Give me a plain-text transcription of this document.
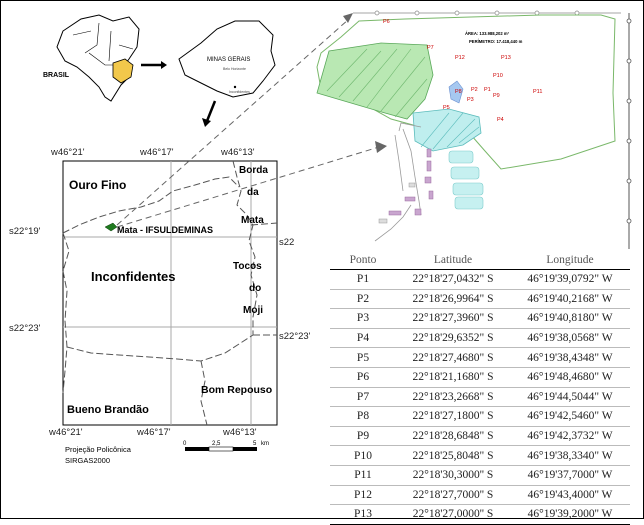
BRASIL
MINAS GERAIS
Belo Horizonte
Inconfidentes
Ouro Fino
Borda
da
Mata
Mata - IFSULDEMINAS
Inconfidentes
Tocos
do
Moji
Bom Repouso
Bueno Brandão
w46°21'	w46°17'	w46°13'
w46°21'	w46°17'	w46°13'
s22°19'
s22°23'
s22
s22°23'
Projeção Policônica
SIRGAS2000
0	2,5	5 km
ÁREA: 133.988,202 m²
PERÍMETRO: 17.418,440 m
P6
P7
P12	P13
P10
P8 P2 P1
P3
P9
P5
P11
P4
Ponto	Latitude	Longitude
P1	22°18'27,0432" S	46°19'39,0792" W
P2	22°18'26,9964" S	46°19'40,2168" W
P3	22°18'27,3960" S	46°19'40,8180" W
P4	22°18'29,6352" S	46°19'38,0568" W
P5	22°18'27,4680" S	46°19'38,4348" W
P6	22°18'21,1680" S	46°19'48,4680" W
P7	22°18'23,2668" S	46°19'44,5044" W
P8	22°18'27,1800" S	46°19'42,5460" W
P9	22°18'28,6848" S	46°19'42,3732" W
P10	22°18'25,8048" S	46°19'38,3340" W
P11	22°18'30,3000'' S	46°19'37,7000'' W
P12	22°18'27,7000'' S	46°19'43,4000'' W
P13	22°18'27,0000'' S	46°19'39,2000'' W
